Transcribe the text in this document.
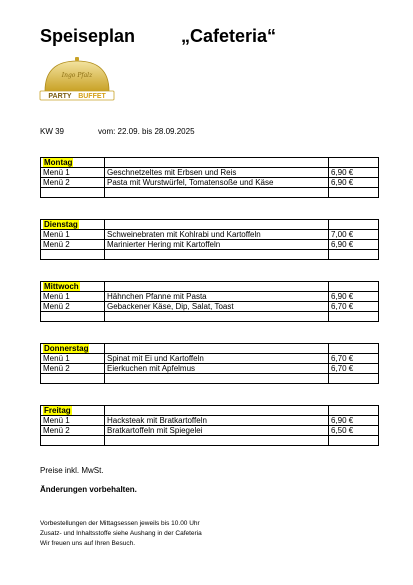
Speiseplan	„Cafeteria“
Ingo Pfalz
PARTY BUFFET
KW 39	vom: 22.09. bis 28.09.2025
Montag		
Menü 1	Geschnetzeltes mit Erbsen und Reis	6,90 €
Menü 2	Pasta mit Wurstwürfel, Tomatensoße und Käse	6,90 €

Dienstag		
Menü 1	Schweinebraten mit Kohlrabi und Kartoffeln	7,00 €
Menü 2	Marinierter Hering mit Kartoffeln	6,90 €

Mittwoch		
Menü 1	Hähnchen Pfanne mit Pasta	6,90 €
Menü 2	Gebackener Käse, Dip, Salat, Toast	6,70 €

Donnerstag		
Menü 1	Spinat mit Ei und Kartoffeln	6,70 €
Menü 2	Eierkuchen mit Apfelmus	6,70 €

Freitag		
Menü 1	Hacksteak mit Bratkartoffeln	6,90 €
Menü 2	Bratkartoffeln mit Spiegelei	6,50 €

Preise inkl. MwSt.
Änderungen vorbehalten.
Vorbestellungen der Mittagsessen jeweils bis 10.00 Uhr
Zusatz- und Inhaltsstoffe siehe Aushang in der Cafeteria
Wir freuen uns auf Ihren Besuch.
